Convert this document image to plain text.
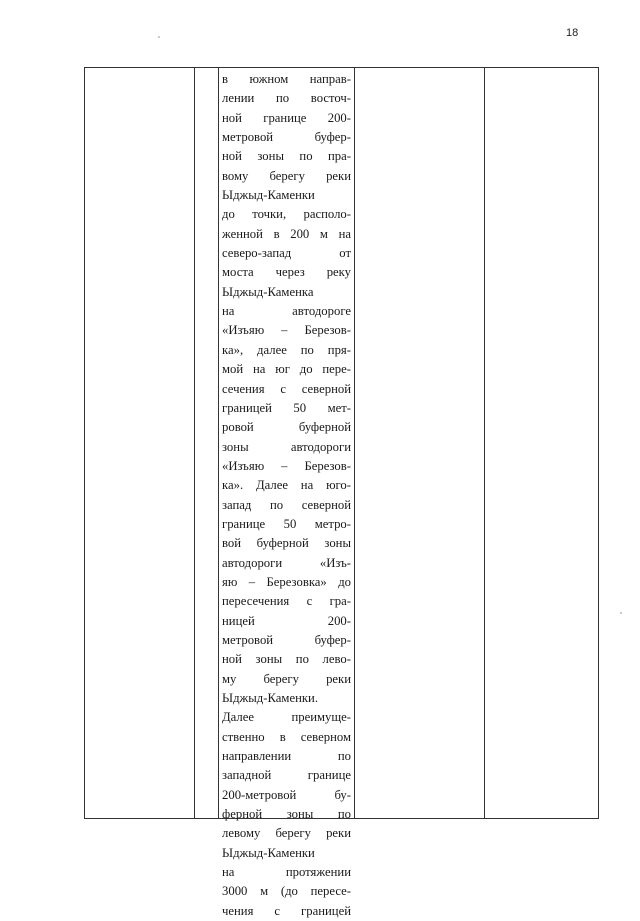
18
в южном направ-
лении по восточ-
ной границе 200-
метровой буфер-
ной зоны по пра-
вому берегу реки
Ыджыд-Каменки
до точки, располо-
женной в 200 м на
северо-запад от
моста через реку
Ыджыд-Каменка
на автодороге
«Изъяю – Березов-
ка», далее по пря-
мой на юг до пере-
сечения с северной
границей 50 мет-
ровой буферной
зоны автодороги
«Изъяю – Березов-
ка». Далее на юго-
запад по северной
границе 50 метро-
вой буферной зоны
автодороги «Изъ-
яю – Березовка» до
пересечения с гра-
ницей 200-
метровой буфер-
ной зоны по лево-
му берегу реки
Ыджыд-Каменки.
Далее преимуще-
ственно в северном
направлении по
западной границе
200-метровой бу-
ферной зоны по
левому берегу реки
Ыджыд-Каменки
на протяжении
3000 м (до пересе-
чения с границей
